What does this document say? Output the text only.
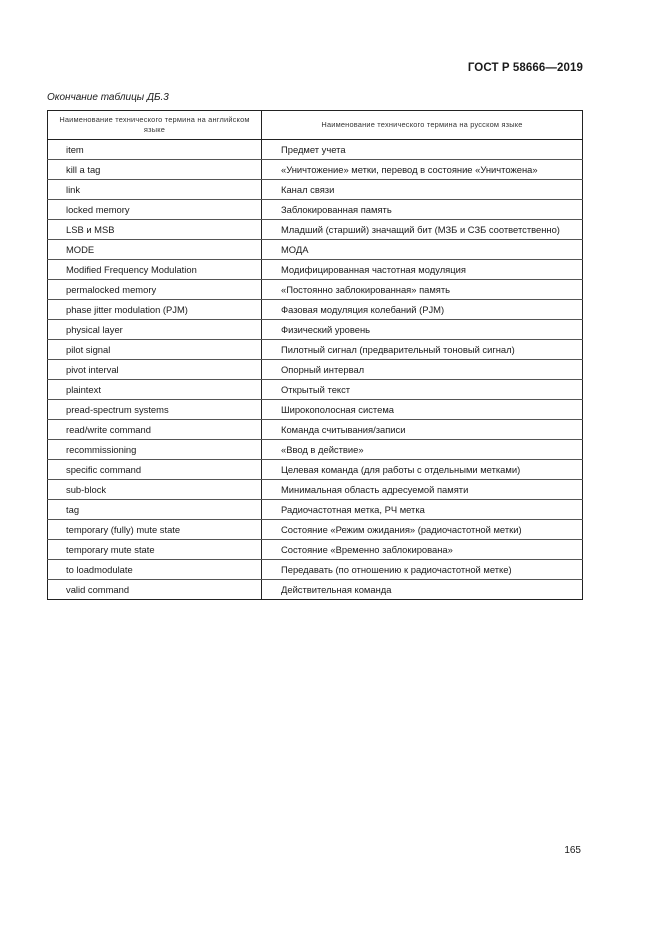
ГОСТ Р 58666—2019
Окончание таблицы ДБ.3
Наименование технического термина на английском языке	Наименование технического термина на русском языке
item	Предмет учета
kill a tag	«Уничтожение» метки, перевод в состояние «Уничтожена»
link	Канал связи
locked memory	Заблокированная память
LSB и MSB	Младший (старший) значащий бит (МЗБ и СЗБ соответственно)
MODE	МОДА
Modified Frequency Modulation	Модифицированная частотная модуляция
permalocked memory	«Постоянно заблокированная» память
phase jitter modulation (PJM)	Фазовая модуляция колебаний (PJM)
physical layer	Физический уровень
pilot signal	Пилотный сигнал (предварительный тоновый сигнал)
pivot interval	Опорный интервал
plaintext	Открытый текст
pread-spectrum systems	Широкополосная система
read/write command	Команда считывания/записи
recommissioning	«Ввод в действие»
specific command	Целевая команда (для работы с отдельными метками)
sub-block	Минимальная область адресуемой памяти
tag	Радиочастотная метка, РЧ метка
temporary (fully) mute state	Состояние «Режим ожидания» (радиочастотной метки)
temporary mute state	Состояние «Временно заблокирована»
to loadmodulate	Передавать (по отношению к радиочастотной метке)
valid command	Действительная команда
165
